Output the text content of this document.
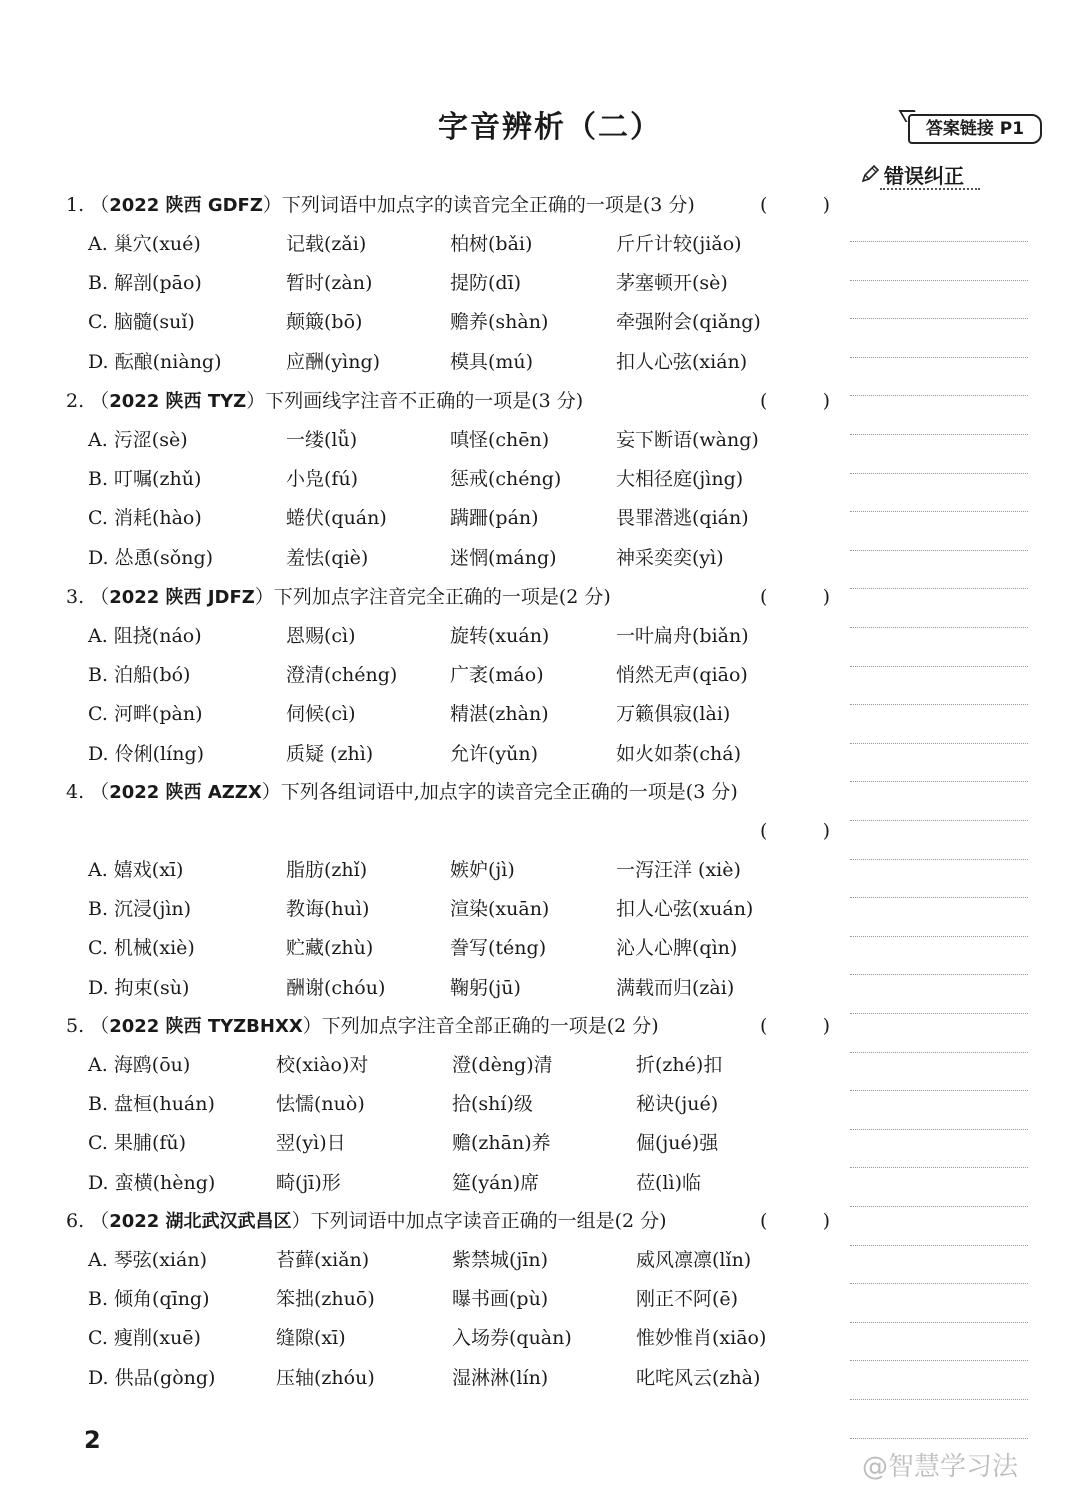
字音辨析（二）	答案链接 P1
错误纠正
1. （2022 陕西 GDFZ）下列词语中加点字的读音完全正确的一项是(3 分)	(	)
A. 巢穴(xué)	记载(zǎi)	柏树(bǎi)	斤斤计较(jiǎo)
B. 解剖(pāo)	暂时(zàn)	提防(dī)	茅塞顿开(sè)
C. 脑髓(suǐ)	颠簸(bō)	赡养(shàn)	牵强附会(qiǎng)
D. 酝酿(niàng)	应酬(yìng)	模具(mú)	扣人心弦(xián)
2. （2022 陕西 TYZ）下列画线字注音不正确的一项是(3 分)	(	)
A. 污涩(sè)	一缕(lǚ)	嗔怪(chēn)	妄下断语(wàng)
B. 叮嘱(zhǔ)	小凫(fú)	惩戒(chéng)	大相径庭(jìng)
C. 消耗(hào)	蜷伏(quán)	蹒跚(pán)	畏罪潜逃(qián)
D. 怂恿(sǒng)	羞怯(qiè)	迷惘(máng)	神采奕奕(yì)
3. （2022 陕西 JDFZ）下列加点字注音完全正确的一项是(2 分)	(	)
A. 阻挠(náo)	恩赐(cì)	旋转(xuán)	一叶扁舟(biǎn)
B. 泊船(bó)	澄清(chéng)	广袤(máo)	悄然无声(qiāo)
C. 河畔(pàn)	伺候(cì)	精湛(zhàn)	万籁俱寂(lài)
D. 伶俐(líng)	质疑 (zhì)	允许(yǔn)	如火如荼(chá)
4. （2022 陕西 AZZX）下列各组词语中,加点字的读音完全正确的一项是(3 分)
(	)
A. 嬉戏(xī)	脂肪(zhǐ)	嫉妒(jì)	一泻汪洋 (xiè)
B. 沉浸(jìn)	教诲(huì)	渲染(xuān)	扣人心弦(xuán)
C. 机械(xiè)	贮藏(zhù)	誊写(téng)	沁人心脾(qìn)
D. 拘束(sù)	酬谢(chóu)	鞠躬(jū)	满载而归(zài)
5. （2022 陕西 TYZBHXX）下列加点字注音全部正确的一项是(2 分)	(	)
A. 海鸥(ōu)	校(xiào)对	澄(dèng)清	折(zhé)扣
B. 盘桓(huán)	怯懦(nuò)	拾(shí)级	秘诀(jué)
C. 果脯(fǔ)	翌(yì)日	赡(zhān)养	倔(jué)强
D. 蛮横(hèng)	畸(jī)形	筵(yán)席	莅(lì)临
6. （2022 湖北武汉武昌区）下列词语中加点字读音正确的一组是(2 分)	(	)
A. 琴弦(xián)	苔藓(xiǎn)	紫禁城(jīn)	威风凛凛(lǐn)
B. 倾角(qīng)	笨拙(zhuō)	曝书画(pù)	刚正不阿(ē)
C. 瘦削(xuē)	缝隙(xī)	入场券(quàn)	惟妙惟肖(xiāo)
D. 供品(gòng)	压轴(zhóu)	湿淋淋(lín)	叱咤风云(zhà)
2
@智慧学习法
